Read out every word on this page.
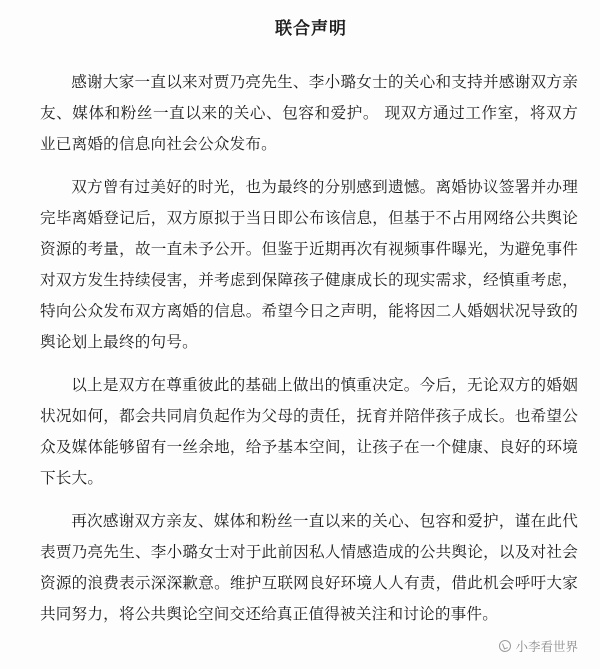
联合声明

感谢大家一直以来对贾乃亮先生、李小璐女士的关心和支持并感谢双方亲友、媒体和粉丝一直以来的关心、包容和爱护。 现双方通过工作室，将双方业已离婚的信息向社会公众发布。

双方曾有过美好的时光，也为最终的分别感到遗憾。离婚协议签署并办理完毕离婚登记后，双方原拟于当日即公布该信息，但基于不占用网络公共舆论资源的考量，故一直未予公开。但鉴于近期再次有视频事件曝光，为避免事件对双方发生持续侵害，并考虑到保障孩子健康成长的现实需求，经慎重考虑，特向公众发布双方离婚的信息。希望今日之声明，能将因二人婚姻状况导致的舆论划上最终的句号。

以上是双方在尊重彼此的基础上做出的慎重决定。今后，无论双方的婚姻状况如何，都会共同肩负起作为父母的责任，抚育并陪伴孩子成长。也希望公众及媒体能够留有一丝余地，给予基本空间，让孩子在一个健康、良好的环境下长大。

再次感谢双方亲友、媒体和粉丝一直以来的关心、包容和爱护，谨在此代表贾乃亮先生、李小璐女士对于此前因私人情感造成的公共舆论，以及对社会资源的浪费表示深深歉意。维护互联网良好环境人人有责，借此机会呼吁大家共同努力，将公共舆论空间交还给真正值得被关注和讨论的事件。

小李看世界
